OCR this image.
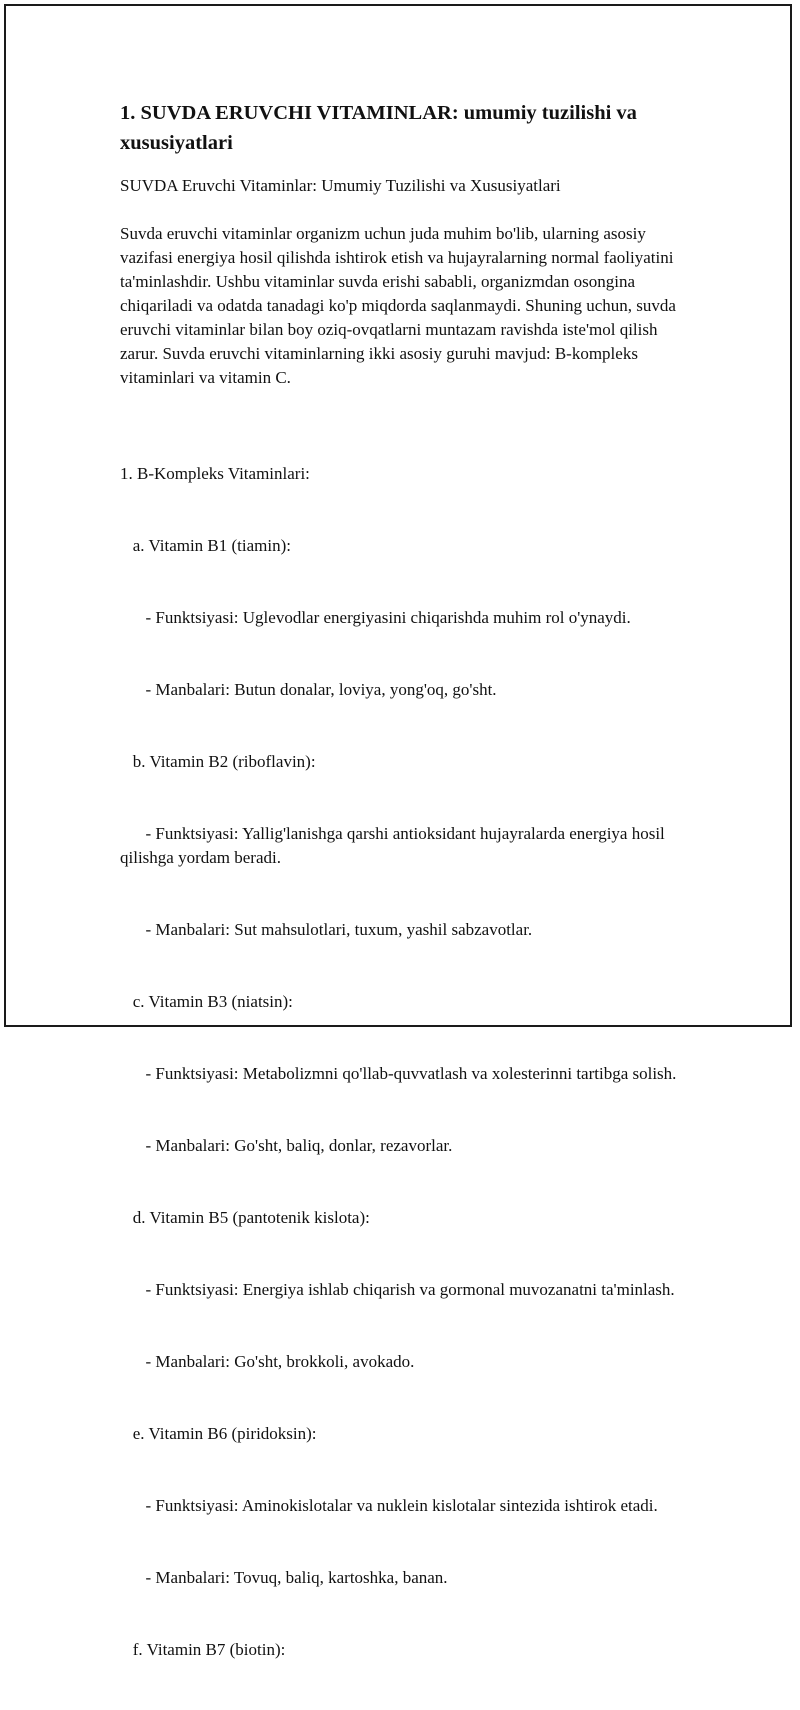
1. SUVDA ERUVCHI VITAMINLAR: umumiy tuzilishi va xususiyatlari

SUVDA Eruvchi Vitaminlar: Umumiy Tuzilishi va Xususiyatlari

Suvda eruvchi vitaminlar organizm uchun juda muhim bo'lib, ularning asosiy vazifasi energiya hosil qilishda ishtirok etish va hujayralarning normal faoliyatini ta'minlashdir. Ushbu vitaminlar suvda erishi sababli, organizmdan osongina chiqariladi va odatda tanadagi ko'p miqdorda saqlanmaydi. Shuning uchun, suvda eruvchi vitaminlar bilan boy oziq-ovqatlarni muntazam ravishda iste'mol qilish zarur. Suvda eruvchi vitaminlarning ikki asosiy guruhi mavjud: B-kompleks vitaminlari va vitamin C.

1. B-Kompleks Vitaminlari:

a. Vitamin B1 (tiamin):

- Funktsiyasi: Uglevodlar energiyasini chiqarishda muhim rol o'ynaydi.

- Manbalari: Butun donalar, loviya, yong'oq, go'sht.

b. Vitamin B2 (riboflavin):

- Funktsiyasi: Yallig'lanishga qarshi antioksidant hujayralarda energiya hosil qilishga yordam beradi.

- Manbalari: Sut mahsulotlari, tuxum, yashil sabzavotlar.

c. Vitamin B3 (niatsin):

- Funktsiyasi: Metabolizmni qo'llab-quvvatlash va xolesterinni tartibga solish.

- Manbalari: Go'sht, baliq, donlar, rezavorlar.

d. Vitamin B5 (pantotenik kislota):

- Funktsiyasi: Energiya ishlab chiqarish va gormonal muvozanatni ta'minlash.

- Manbalari: Go'sht, brokkoli, avokado.

e. Vitamin B6 (piridoksin):

- Funktsiyasi: Aminokislotalar va nuklein kislotalar sintezida ishtirok etadi.

- Manbalari: Tovuq, baliq, kartoshka, banan.

f. Vitamin B7 (biotin):
